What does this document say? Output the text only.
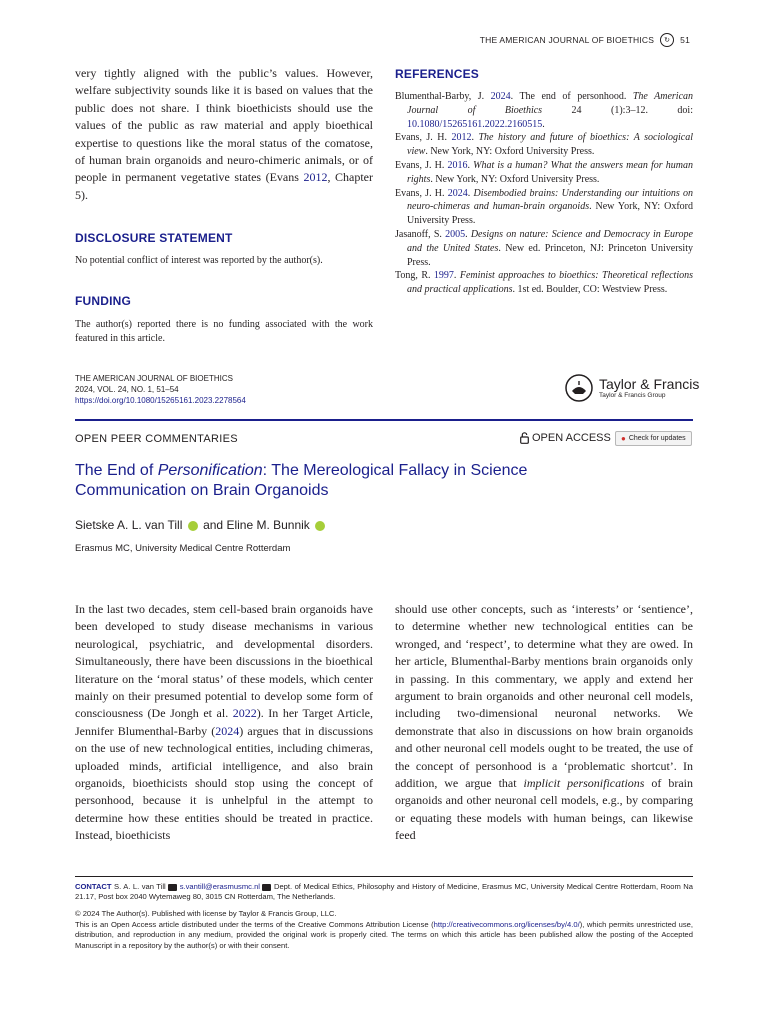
THE AMERICAN JOURNAL OF BIOETHICS	↻	51

very tightly aligned with the public’s values. However, welfare subjectivity sounds like it is based on values that the public does not share. I think bioethicists should use the values of the public as raw material and apply bioethical expertise to questions like the moral status of the comatose, of human brain organoids and neuro-chimeric animals, or of people in permanent vegetative states (Evans 2012, Chapter 5).

DISCLOSURE STATEMENT
No potential conflict of interest was reported by the author(s).
FUNDING
The author(s) reported there is no funding associated with the work featured in this article.
REFERENCES

Blumenthal-Barby, J. 2024. The end of personhood. The American Journal of Bioethics 24 (1):3–12. doi: 10.1080/15265161.2022.2160515.

Evans, J. H. 2012. The history and future of bioethics: A sociological view. New York, NY: Oxford University Press.

Evans, J. H. 2016. What is a human? What the answers mean for human rights. New York, NY: Oxford University Press.

Evans, J. H. 2024. Disembodied brains: Understanding our intuitions on neuro-chimeras and human-brain organoids. New York, NY: Oxford University Press.

Jasanoff, S. 2005. Designs on nature: Science and Democracy in Europe and the United States. New ed. Princeton, NJ: Princeton University Press.

Tong, R. 1997. Feminist approaches to bioethics: Theoretical reflections and practical applications. 1st ed. Boulder, CO: Westview Press.

THE AMERICAN JOURNAL OF BIOETHICS
2024, VOL. 24, NO. 1, 51–54
https://doi.org/10.1080/15265161.2023.2278564
Taylor & Francis
Taylor & Francis Group
OPEN PEER COMMENTARIES	OPEN ACCESS ● Check for updates
The End of Personification: The Mereological Fallacy in Science Communication on Brain Organoids
Sietske A. L. van Till  and Eline M. Bunnik
Erasmus MC, University Medical Centre Rotterdam

In the last two decades, stem cell-based brain organoids have been developed to study disease mechanisms in various neurological, psychiatric, and developmental disorders. Simultaneously, there have been discussions in the bioethical literature on the ‘moral status’ of these models, which center mainly on their presumed potential to develop some form of consciousness (De Jongh et al. 2022). In her Target Article, Jennifer Blumenthal-Barby (2024) argues that in discussions on the use of new technological entities, including chimeras, uploaded minds, artificial intelligence, and also brain organoids, bioethicists should stop using the concept of personhood, because it is unhelpful in the attempt to determine how these entities should be treated in practice. Instead, bioethicists

should use other concepts, such as ‘interests’ or ‘sentience’, to determine whether new technological entities can be wronged, and ‘respect’, to determine what they are owed. In her article, Blumenthal-Barby mentions brain organoids only in passing. In this commentary, we apply and extend her argument to brain organoids and other neuronal cell models, including two-dimensional neuronal networks. We demonstrate that also in discussions on how brain organoids and other neuronal cell models ought to be treated, the use of the concept of personhood is a ‘problematic shortcut’. In addition, we argue that implicit personifications of brain organoids and other neuronal cell models, e.g., by comparing or equating these models with human beings, can likewise feed

CONTACT S. A. L. van Till  s.vantill@erasmusmc.nl  Dept. of Medical Ethics, Philosophy and History of Medicine, Erasmus MC, University Medical Centre Rotterdam, Room Na 21.17, Post box 2040 Wytemaweg 80, 3015 CN Rotterdam, The Netherlands.
© 2024 The Author(s). Published with license by Taylor & Francis Group, LLC.
This is an Open Access article distributed under the terms of the Creative Commons Attribution License (http://creativecommons.org/licenses/by/4.0/), which permits unrestricted use, distribution, and reproduction in any medium, provided the original work is properly cited. The terms on which this article has been published allow the posting of the Accepted Manuscript in a repository by the author(s) or with their consent.
